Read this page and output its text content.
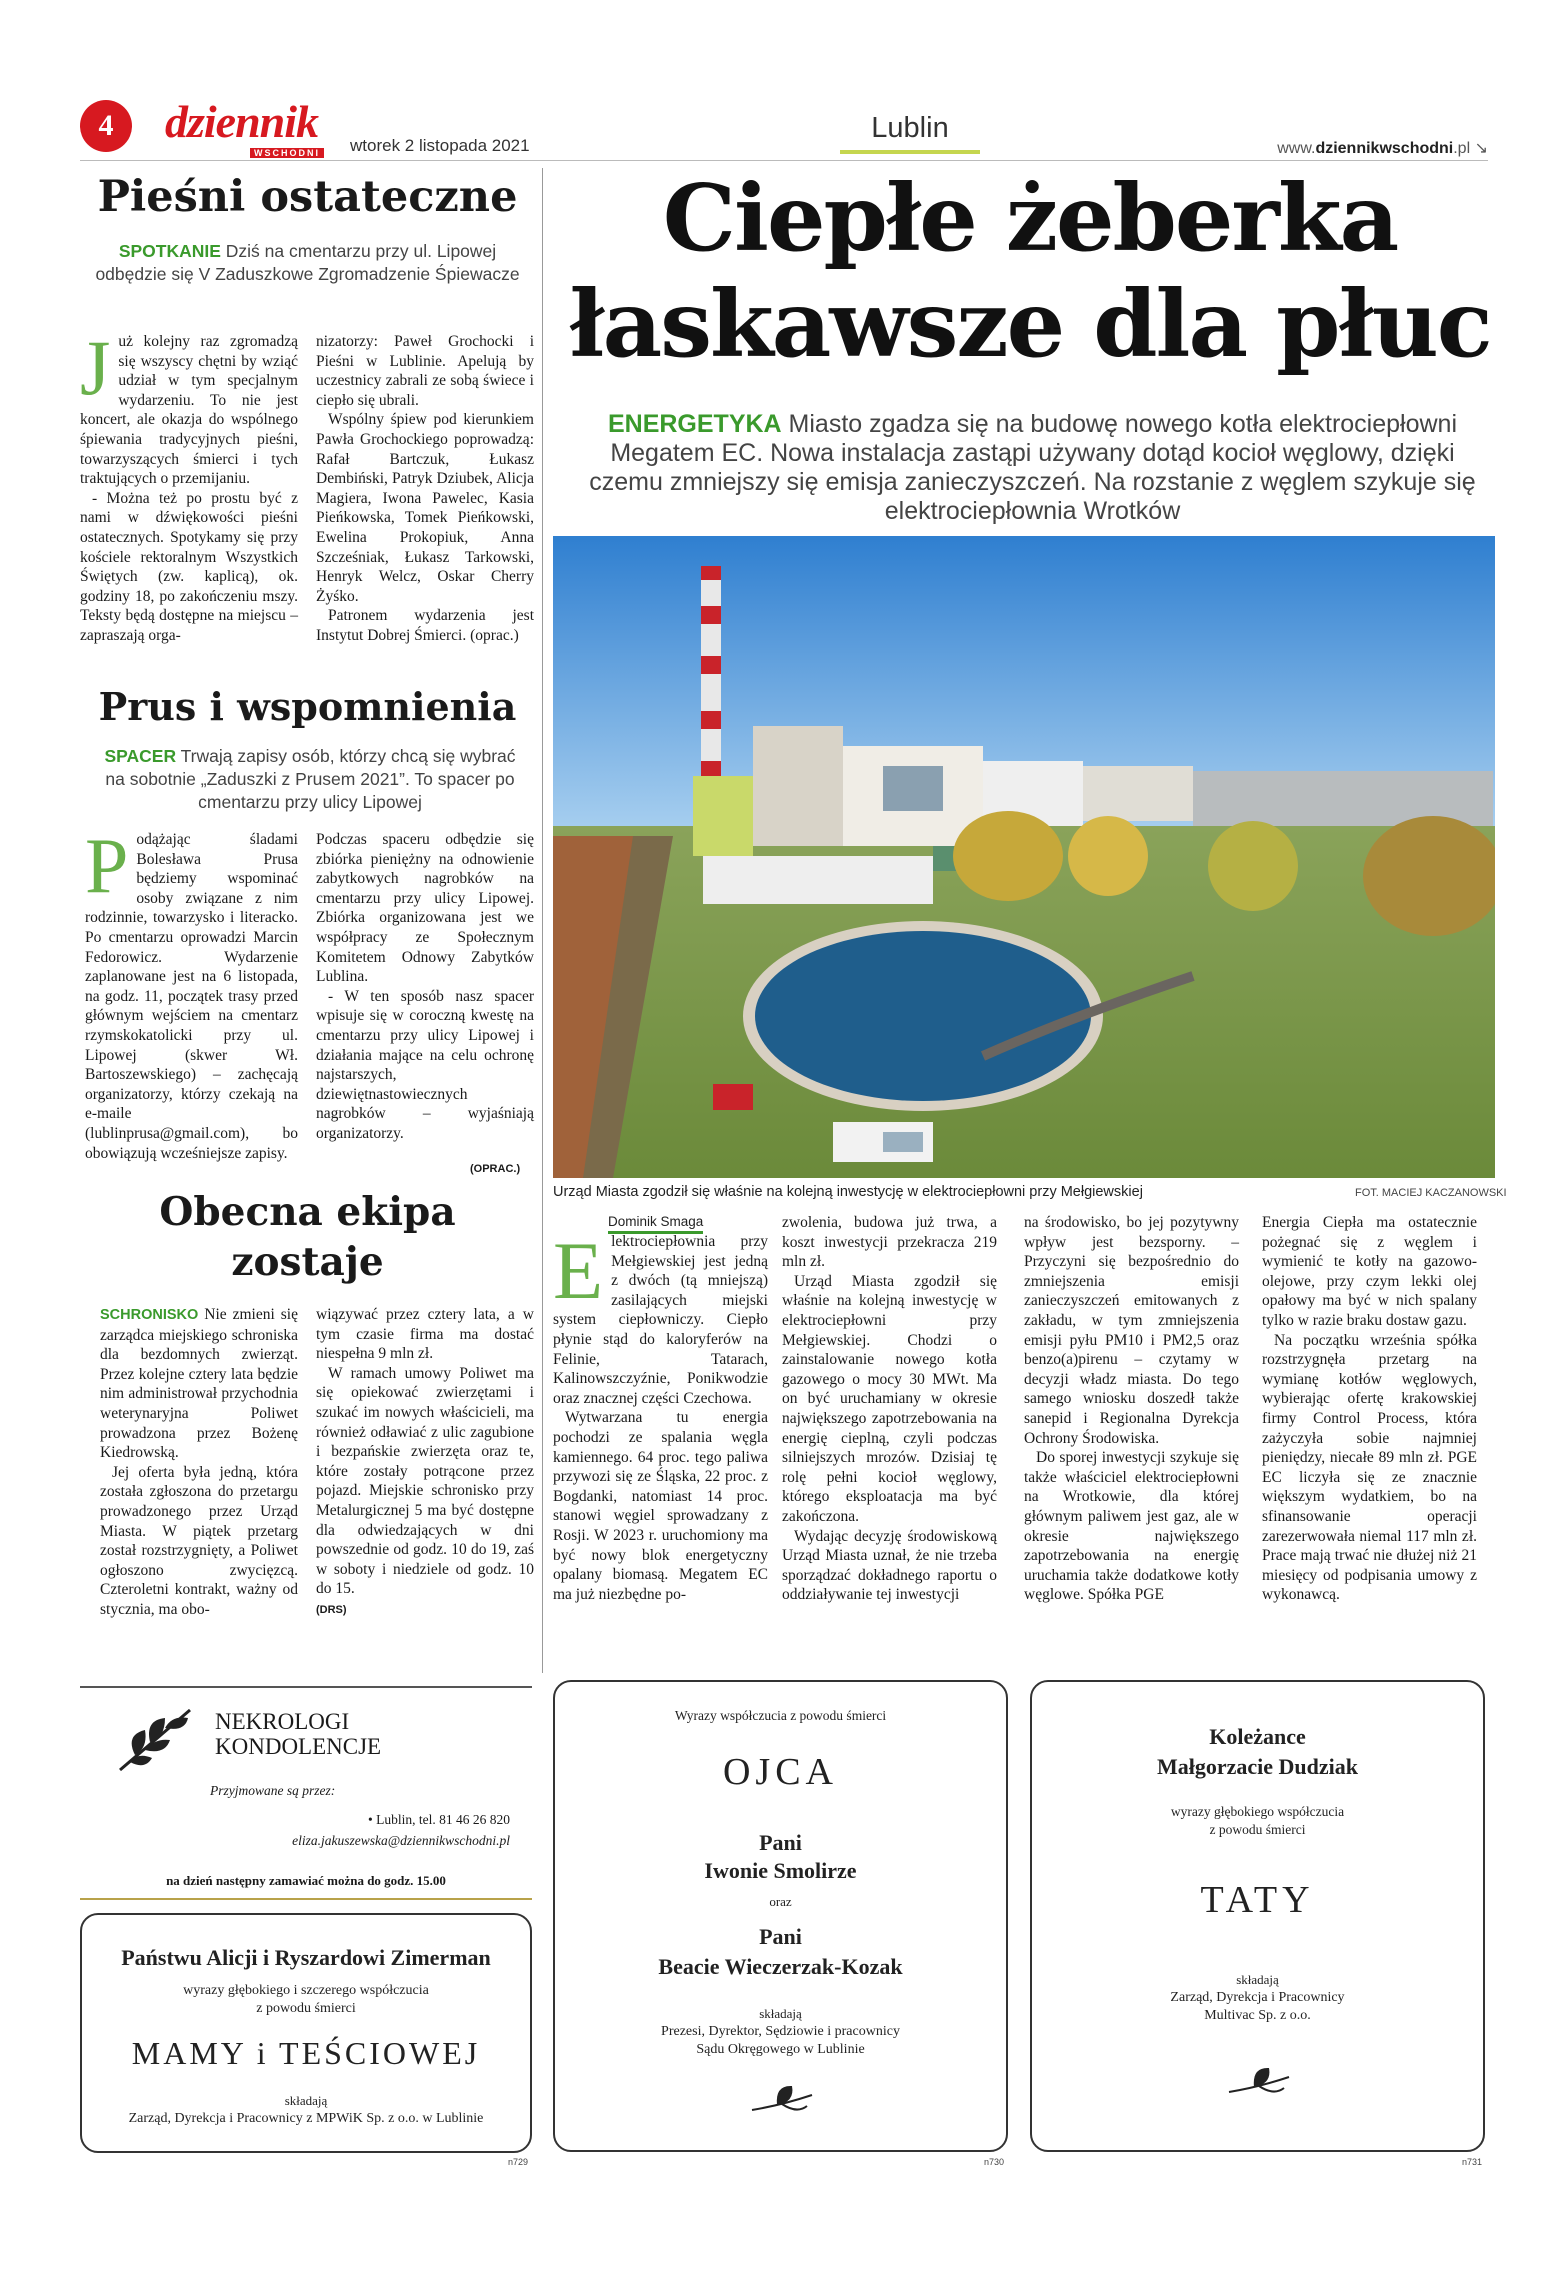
4	dziennik
WSCHODNI wtorek 2 listopada 2021
Lublin
www.dziennikwschodni.pl ↘
Pieśni ostateczne
SPOTKANIE Dziś na cmentarzu przy ul. Lipowej odbędzie się V Zaduszkowe Zgromadzenie Śpiewacze
Już kolejny raz zgromadzą się wszyscy chętni by wziąć udział w tym specjalnym wydarzeniu. To nie jest koncert, ale okazja do wspólnego śpiewania tradycyjnych pieśni, towarzyszących śmierci i tych traktujących o przemijaniu.

- Można też po prostu być z nami w dźwiękowości pieśni ostatecznych. Spotykamy się przy kościele rektoralnym Wszystkich Świętych (zw. kaplicą), ok. godziny 18, po zakończeniu mszy. Teksty będą dostępne na miejscu – zapraszają orga-

nizatorzy: Paweł Grochocki i Pieśni w Lublinie. Apelują by uczestnicy zabrali ze sobą świece i ciepło się ubrali.

Wspólny śpiew pod kierunkiem Pawła Grochockiego poprowadzą: Rafał Bartczuk, Łukasz Dembiński, Patryk Dziubek, Alicja Magiera, Iwona Pawelec, Kasia Pieńkowska, Tomek Pieńkowski, Ewelina Prokopiuk, Anna Szcześniak, Łukasz Tarkowski, Henryk Welcz, Oskar Cherry Żyśko.

Patronem wydarzenia jest Instytut Dobrej Śmierci. (oprac.)

Prus i wspomnienia
SPACER Trwają zapisy osób, którzy chcą się wybrać na sobotnie „Zaduszki z Prusem 2021”. To spacer po cmentarzu przy ulicy Lipowej
Podążając śladami Bolesława Prusa będziemy wspominać osoby związane z nim rodzinnie, towarzysko i literacko. Po cmentarzu oprowadzi Marcin Fedorowicz. Wydarzenie zaplanowane jest na 6 listopada, na godz. 11, początek trasy przed głównym wejściem na cmentarz rzymskokatolicki przy ul. Lipowej (skwer Wł. Bartoszewskiego) – zachęcają organizatorzy, którzy czekają na e-maile (lublinprusa@gmail.com), bo obowiązują wcześniejsze zapisy.

Podczas spaceru odbędzie się zbiórka pieniężny na odnowienie zabytkowych nagrobków na cmentarzu przy ulicy Lipowej. Zbiórka organizowana jest we współpracy ze Społecznym Komitetem Odnowy Zabytków Lublina.

- W ten sposób nasz spacer wpisuje się w coroczną kwestę na cmentarzu przy ulicy Lipowej i działania mające na celu ochronę najstarszych, dziewiętnastowiecznych nagrobków – wyjaśniają organizatorzy.

(OPRAC.)
Obecna ekipa
zostaje

SCHRONISKO Nie zmieni się zarządca miejskiego schroniska dla bezdomnych zwierząt. Przez kolejne cztery lata będzie nim administrował przychodnia weterynaryjna Poliwet prowadzona przez Bożenę Kiedrowską.

Jej oferta była jedną, która została zgłoszona do przetargu prowadzonego przez Urząd Miasta. W piątek przetarg został rozstrzygnięty, a Poliwet ogłoszono zwycięzcą. Czteroletni kontrakt, ważny od stycznia, ma obo-

wiązywać przez cztery lata, a w tym czasie firma ma dostać niespełna 9 mln zł.

W ramach umowy Poliwet ma się opiekować zwierzętami i szukać im nowych właścicieli, ma również odławiać z ulic zagubione i bezpańskie zwierzęta oraz te, które zostały potrącone przez pojazd. Miejskie schronisko przy Metalurgicznej 5 ma być dostępne dla odwiedzających w dni powszednie od godz. 10 do 19, zaś w soboty i niedziele od godz. 10 do 15.

(DRS)

Ciepłe żeberka
łaskawsze dla płuc
ENERGETYKA Miasto zgadza się na budowę nowego kotła elektrociepłowni Megatem EC. Nowa instalacja zastąpi używany dotąd kocioł węglowy, dzięki czemu zmniejszy się emisja zanieczyszczeń. Na rozstanie z węglem szykuje się elektrociepłownia Wrotków
Urząd Miasta zgodził się właśnie na kolejną inwestycję w elektrociepłowni przy Mełgiewskiej	FOT. MACIEJ KACZANOWSKI
Dominik Smaga
Elektrociepłownia przy Mełgiewskiej jest jedną z dwóch (tą mniejszą) zasilających miejski system ciepłowniczy. Ciepło płynie stąd do kaloryferów na Felinie, Tatarach, Kalinowszczyźnie, Ponikwodzie oraz znacznej części Czechowa.

Wytwarzana tu energia pochodzi ze spalania węgla kamiennego. 64 proc. tego paliwa przywozi się ze Śląska, 22 proc. z Bogdanki, natomiast 14 proc. stanowi węgiel sprowadzany z Rosji. W 2023 r. uruchomiony ma być nowy blok energetyczny opalany biomasą. Megatem EC ma już niezbędne po-

zwolenia, budowa już trwa, a koszt inwestycji przekracza 219 mln zł.

Urząd Miasta zgodził się właśnie na kolejną inwestycję w elektrociepłowni przy Mełgiewskiej. Chodzi o zainstalowanie nowego kotła gazowego o mocy 30 MWt. Ma on być uruchamiany w okresie największego zapotrzebowania na energię cieplną, czyli podczas silniejszych mrozów. Dzisiaj tę rolę pełni kocioł węglowy, którego eksploatacja ma być zakończona.

Wydając decyzję środowiskową Urząd Miasta uznał, że nie trzeba sporządzać dokładnego raportu o oddziaływanie tej inwestycji

na środowisko, bo jej pozytywny wpływ jest bezsporny. – Przyczyni się bezpośrednio do zmniejszenia emisji zanieczyszczeń emitowanych z zakładu, w tym zmniejszenia emisji pyłu PM10 i PM2,5 oraz benzo(a)pirenu – czytamy w decyzji władz miasta. Do tego samego wniosku doszedł także sanepid i Regionalna Dyrekcja Ochrony Środowiska.

Do sporej inwestycji szykuje się także właściciel elektrociepłowni na Wrotkowie, dla której głównym paliwem jest gaz, ale w okresie największego zapotrzebowania na energię uruchamia także dodatkowe kotły węglowe. Spółka PGE

Energia Ciepła ma ostatecznie pożegnać się z węglem i wymienić te kotły na gazowo-olejowe, przy czym lekki olej opałowy ma być w nich spalany tylko w razie braku dostaw gazu.

Na początku września spółka rozstrzygnęła przetarg na wymianę kotłów węglowych, wybierając ofertę krakowskiej firmy Control Process, która zażyczyła sobie najmniej pieniędzy, niecałe 89 mln zł. PGE EC liczyła się ze znacznie większym wydatkiem, bo na sfinansowanie operacji zarezerwowała niemal 117 mln zł. Prace mają trwać nie dłużej niż 21 miesięcy od podpisania umowy z wykonawcą.

NEKROLOGI
KONDOLENCJE
Przyjmowane są przez:
• Lublin, tel. 81 46 26 820
eliza.jakuszewska@dziennikwschodni.pl
na dzień następny zamawiać można do godz. 15.00
Państwu Alicji i Ryszardowi Zimerman
wyrazy głębokiego i szczerego współczucia
z powodu śmierci
MAMY i TEŚCIOWEJ
składają
Zarząd, Dyrekcja i Pracownicy z MPWiK Sp. z o.o. w Lublinie
n729
Wyrazy współczucia z powodu śmierci
OJCA
Pani
Iwonie Smolirze
oraz
Pani
Beacie Wieczerzak-Kozak
składają
Prezesi, Dyrektor, Sędziowie i pracownicy
Sądu Okręgowego w Lublinie
n730
Koleżance
Małgorzacie Dudziak
wyrazy głębokiego współczucia
z powodu śmierci
TATY
składają
Zarząd, Dyrekcja i Pracownicy
Multivac Sp. z o.o.
n731
